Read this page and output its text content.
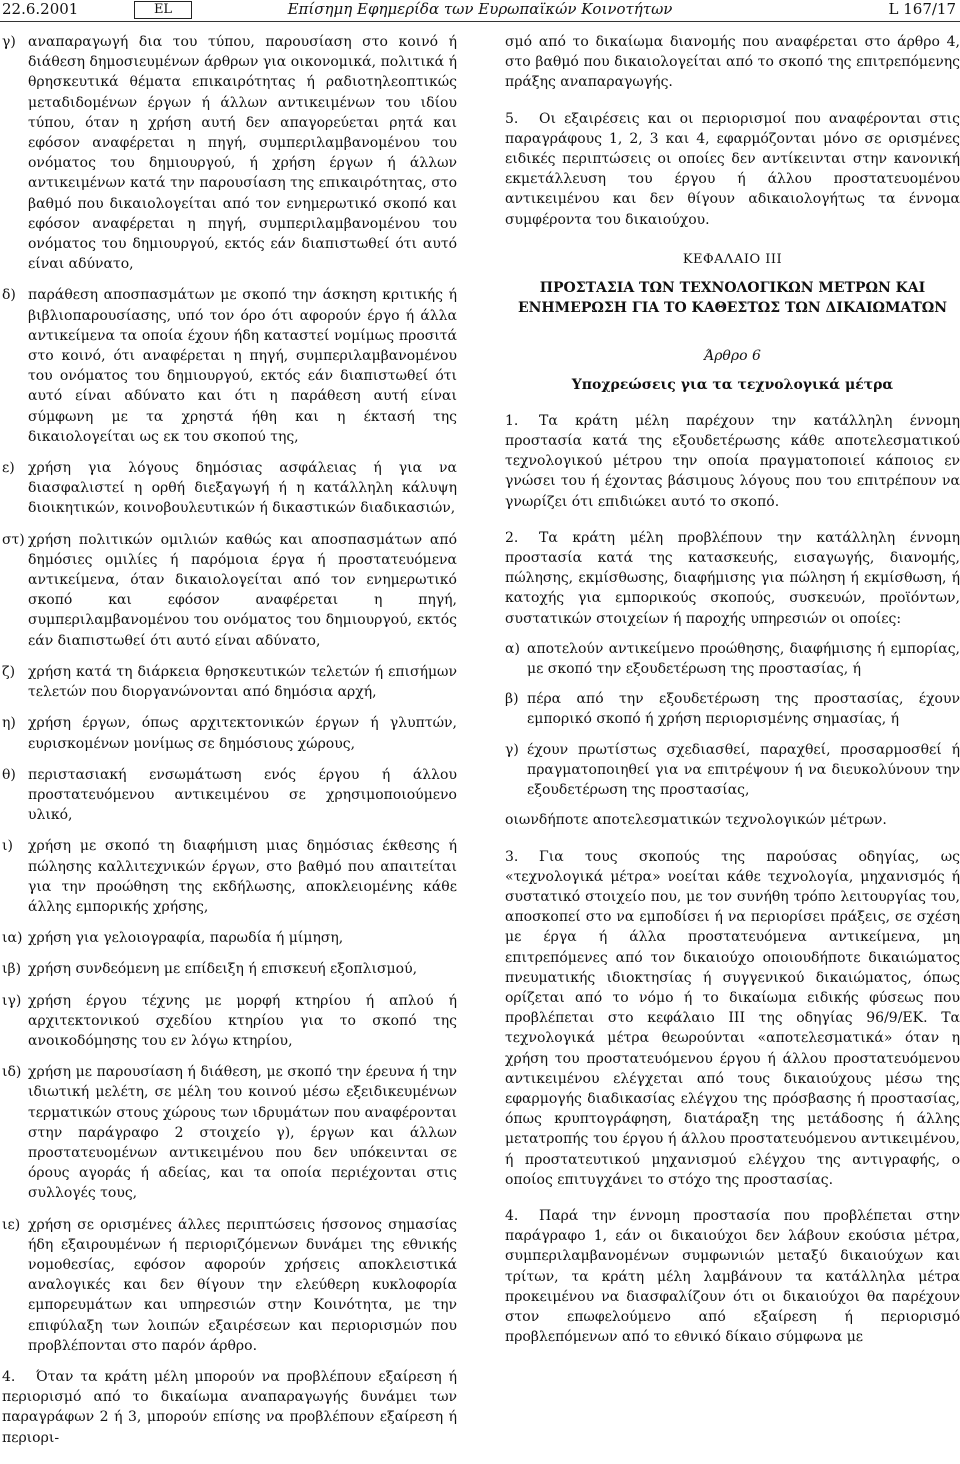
22.6.2001	EL	Επίσημη Εφημερίδα των Ευρωπαϊκών Κοινοτήτων	L 167/17
γ) αναπαραγωγή δια του τύπου, παρουσίαση στο κοινό ή διάθεση δημοσιευμένων άρθρων για οικονομικά, πολιτικά ή θρησκευτικά θέματα επικαιρότητας ή ραδιοτηλεοπτικώς μεταδιδομένων έργων ή άλλων αντικειμένων του ιδίου τύπου, όταν η χρήση αυτή δεν απαγορεύεται ρητά και εφόσον αναφέρεται η πηγή, συμπεριλαμβανομένου του ονόματος του δημιουργού, ή χρήση έργων ή άλλων αντικειμένων κατά την παρουσίαση της επικαιρότητας, στο βαθμό που δικαιολογείται από τον ενημερωτικό σκοπό και εφόσον αναφέρεται η πηγή, συμπεριλαμβανομένου του ονόματος του δημιουργού, εκτός εάν διαπιστωθεί ότι αυτό είναι αδύνατο,

δ) παράθεση αποσπασμάτων με σκοπό την άσκηση κριτικής ή βιβλιοπαρουσίασης, υπό τον όρο ότι αφορούν έργο ή άλλα αντικείμενα τα οποία έχουν ήδη καταστεί νομίμως προσιτά στο κοινό, ότι αναφέρεται η πηγή, συμπεριλαμβανομένου του ονόματος του δημιουργού, εκτός εάν διαπιστωθεί ότι αυτό είναι αδύνατο και ότι η παράθεση αυτή είναι σύμφωνη με τα χρηστά ήθη και η έκτασή της δικαιολογείται ως εκ του σκοπού της,

ε) χρήση για λόγους δημόσιας ασφάλειας ή για να διασφαλιστεί η ορθή διεξαγωγή ή η κατάλληλη κάλυψη διοικητικών, κοινοβουλευτικών ή δικαστικών διαδικασιών,

στ) χρήση πολιτικών ομιλιών καθώς και αποσπασμάτων από δημόσιες ομιλίες ή παρόμοια έργα ή προστατευόμενα αντικείμενα, όταν δικαιολογείται από τον ενημερωτικό σκοπό και εφόσον αναφέρεται η πηγή, συμπεριλαμβανομένου του ονόματος του δημιουργού, εκτός εάν διαπιστωθεί ότι αυτό είναι αδύνατο,

ζ) χρήση κατά τη διάρκεια θρησκευτικών τελετών ή επισήμων τελετών που διοργανώνονται από δημόσια αρχή,

η) χρήση έργων, όπως αρχιτεκτονικών έργων ή γλυπτών, ευρισκομένων μονίμως σε δημόσιους χώρους,

θ) περιστασιακή ενσωμάτωση ενός έργου ή άλλου προστατευόμενου αντικειμένου σε χρησιμοποιούμενο υλικό,

ι)	χρήση με σκοπό τη διαφήμιση μιας δημόσιας έκθεσης ή πώλησης καλλιτεχνικών έργων, στο βαθμό που απαιτείται για την προώθηση της εκδήλωσης, αποκλειομένης κάθε άλλης εμπορικής χρήσης,

ια) χρήση για γελοιογραφία, παρωδία ή μίμηση,

ιβ) χρήση συνδεόμενη με επίδειξη ή επισκευή εξοπλισμού,

ιγ) χρήση έργου τέχνης με μορφή κτηρίου ή απλού ή αρχιτεκτονικού σχεδίου κτηρίου για το σκοπό της ανοικοδόμησης του εν λόγω κτηρίου,

ιδ) χρήση με παρουσίαση ή διάθεση, με σκοπό την έρευνα ή την ιδιωτική μελέτη, σε μέλη του κοινού μέσω εξειδικευμένων τερματικών στους χώρους των ιδρυμάτων που αναφέρονται στην παράγραφο 2 στοιχείο γ), έργων και άλλων προστατευομένων αντικειμένου που δεν υπόκεινται σε όρους αγοράς ή αδείας, και τα οποία περιέχονται στις συλλογές τους,

ιε) χρήση σε ορισμένες άλλες περιπτώσεις ήσσονος σημασίας ήδη εξαιρουμένων ή περιοριζόμενων δυνάμει της εθνικής νομοθεσίας, εφόσον αφορούν χρήσεις αποκλειστικά αναλογικές και δεν θίγουν την ελεύθερη κυκλοφορία εμπορευμάτων και υπηρεσιών στην Κοινότητα, με την επιφύλαξη των λοιπών εξαιρέσεων και περιορισμών που προβλέπονται στο παρόν άρθρο.

4. Όταν τα κράτη μέλη μπορούν να προβλέπουν εξαίρεση ή περιορισμό από το δικαίωμα αναπαραγωγής δυνάμει των παραγράφων 2 ή 3, μπορούν επίσης να προβλέπουν εξαίρεση ή περιορι-

σμό από το δικαίωμα διανομής που αναφέρεται στο άρθρο 4, στο βαθμό που δικαιολογείται από το σκοπό της επιτρεπόμενης πράξης αναπαραγωγής.

5. Οι εξαιρέσεις και οι περιορισμοί που αναφέρονται στις παραγράφους 1, 2, 3 και 4, εφαρμόζονται μόνο σε ορισμένες ειδικές περιπτώσεις οι οποίες δεν αντίκεινται στην κανονική εκμετάλλευση του έργου ή άλλου προστατευομένου αντικειμένου και δεν θίγουν αδικαιολογήτως τα έννομα συμφέροντα του δικαιούχου.

ΚΕΦΑΛΑΙΟ III
ΠΡΟΣΤΑΣΙΑ ΤΩΝ ΤΕΧΝΟΛΟΓΙΚΩΝ ΜΕΤΡΩΝ ΚΑΙ ΕΝΗΜΕΡΩΣΗ ΓΙΑ ΤΟ ΚΑΘΕΣΤΩΣ ΤΩΝ ΔΙΚΑΙΩΜΑΤΩΝ
Άρθρο 6
Υποχρεώσεις για τα τεχνολογικά μέτρα

1. Τα κράτη μέλη παρέχουν την κατάλληλη έννομη προστασία κατά της εξουδετέρωσης κάθε αποτελεσματικού τεχνολογικού μέτρου την οποία πραγματοποιεί κάποιος εν γνώσει του ή έχοντας βάσιμους λόγους που του επιτρέπουν να γνωρίζει ότι επιδιώκει αυτό το σκοπό.

2. Τα κράτη μέλη προβλέπουν την κατάλληλη έννομη προστασία κατά της κατασκευής, εισαγωγής, διανομής, πώλησης, εκμίσθωσης, διαφήμισης για πώληση ή εκμίσθωση, ή κατοχής για εμπορικούς σκοπούς, συσκευών, προϊόντων, συστατικών στοιχείων ή παροχής υπηρεσιών οι οποίες:

α) αποτελούν αντικείμενο προώθησης, διαφήμισης ή εμπορίας, με σκοπό την εξουδετέρωση της προστασίας, ή

β) πέρα από την εξουδετέρωση της προστασίας, έχουν εμπορικό σκοπό ή χρήση περιορισμένης σημασίας, ή

γ) έχουν πρωτίστως σχεδιασθεί, παραχθεί, προσαρμοσθεί ή πραγματοποιηθεί για να επιτρέψουν ή να διευκολύνουν την εξουδετέρωση της προστασίας,

οιωνδήποτε αποτελεσματικών τεχνολογικών μέτρων.

3. Για τους σκοπούς της παρούσας οδηγίας, ως «τεχνολογικά μέτρα» νοείται κάθε τεχνολογία, μηχανισμός ή συστατικό στοιχείο που, με τον συνήθη τρόπο λειτουργίας του, αποσκοπεί στο να εμποδίσει ή να περιορίσει πράξεις, σε σχέση με έργα ή άλλα προστατευόμενα αντικείμενα, μη επιτρεπόμενες από τον δικαιούχο οποιουδήποτε δικαιώματος πνευματικής ιδιοκτησίας ή συγγενικού δικαιώματος, όπως ορίζεται από το νόμο ή το δικαίωμα ειδικής φύσεως που προβλέπεται στο κεφάλαιο III της οδηγίας 96/9/ΕΚ. Τα τεχνολογικά μέτρα θεωρούνται «αποτελεσματικά» όταν η χρήση του προστατευόμενου έργου ή άλλου προστατευόμενου αντικειμένου ελέγχεται από τους δικαιούχους μέσω της εφαρμογής διαδικασίας ελέγχου της πρόσβασης ή προστασίας, όπως κρυπτογράφηση, διατάραξη της μετάδοσης ή άλλης μετατροπής του έργου ή άλλου προστατευόμενου αντικειμένου, ή προστατευτικού μηχανισμού ελέγχου της αντιγραφής, ο οποίος επιτυγχάνει το στόχο της προστασίας.

4. Παρά την έννομη προστασία που προβλέπεται στην παράγραφο 1, εάν οι δικαιούχοι δεν λάβουν εκούσια μέτρα, συμπεριλαμβανομένων συμφωνιών μεταξύ δικαιούχων και τρίτων, τα κράτη μέλη λαμβάνουν τα κατάλληλα μέτρα προκειμένου να διασφαλίζουν ότι οι δικαιούχοι θα παρέχουν στον επωφελούμενο από εξαίρεση ή περιορισμό προβλεπόμενων από το εθνικό δίκαιο σύμφωνα με
